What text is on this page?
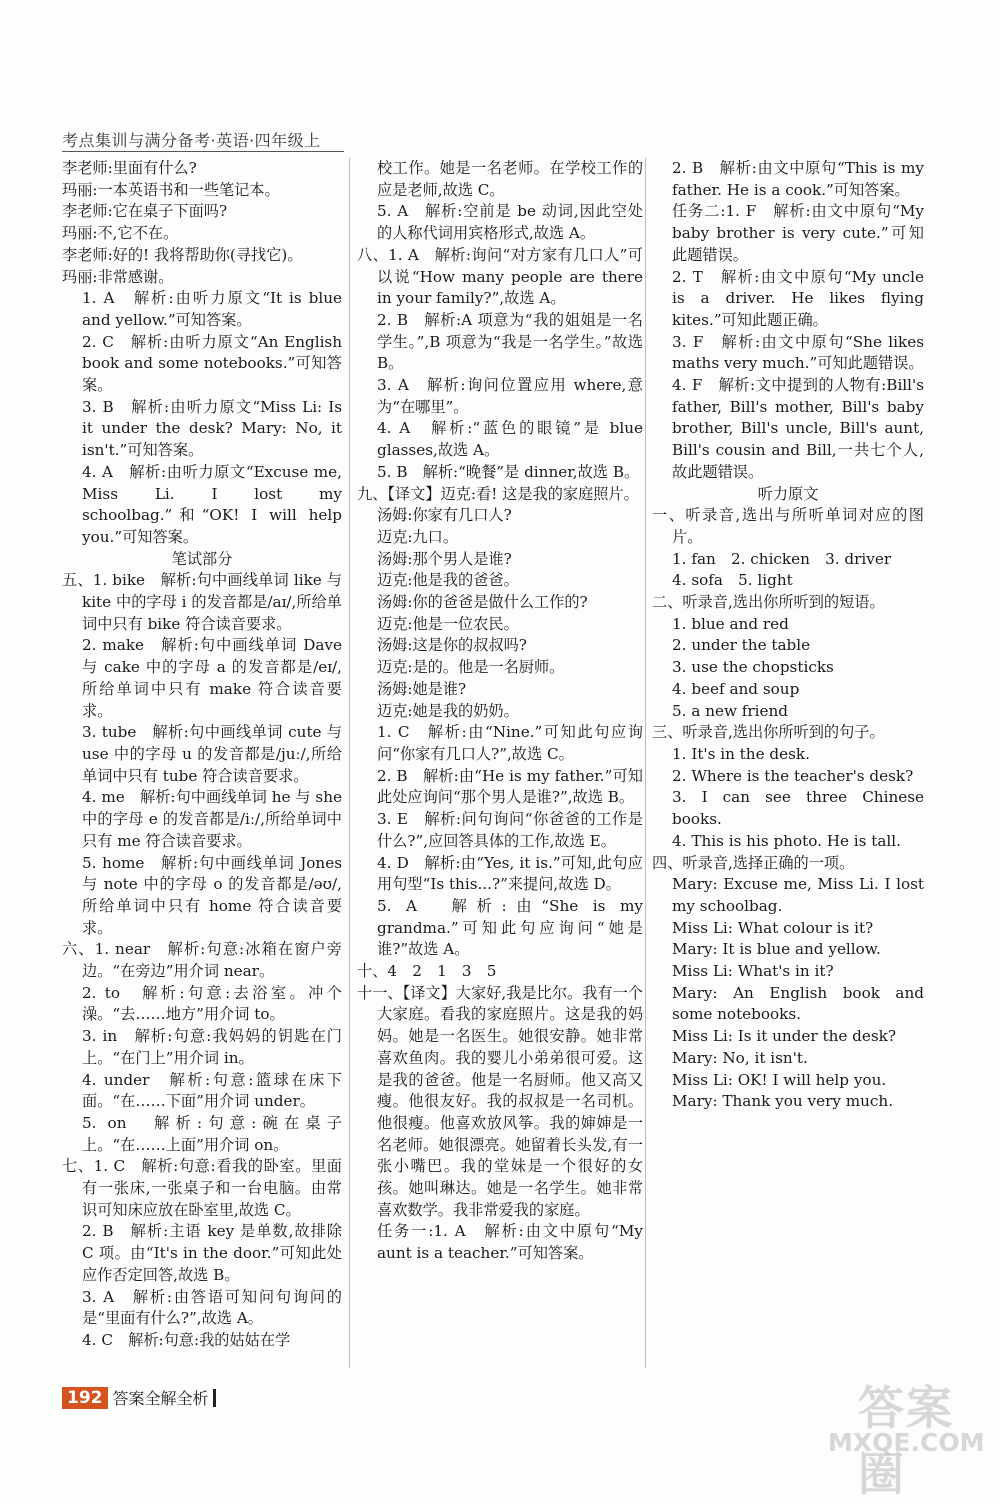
考点集训与满分备考·英语·四年级上

李老师:里面有什么?

玛丽:一本英语书和一些笔记本。

李老师:它在桌子下面吗?

玛丽:不,它不在。

李老师:好的! 我将帮助你(寻找它)。

玛丽:非常感谢。

1. A　解析:由听力原文“It is blue and yellow.”可知答案。

2. C　解析:由听力原文“An English book and some notebooks.”可知答案。

3. B　解析:由听力原文“Miss Li: Is it under the desk? Mary: No, it isn't.”可知答案。

4. A　解析:由听力原文“Excuse me, Miss Li. I lost my schoolbag.”和“OK! I will help you.”可知答案。

笔试部分

五、1. bike　解析:句中画线单词 like 与 kite 中的字母 i 的发音都是/aɪ/,所给单词中只有 bike 符合读音要求。

2. make　解析:句中画线单词 Dave 与 cake 中的字母 a 的发音都是/eɪ/,所给单词中只有 make 符合读音要求。

3. tube　解析:句中画线单词 cute 与 use 中的字母 u 的发音都是/juː/,所给单词中只有 tube 符合读音要求。

4. me　解析:句中画线单词 he 与 she 中的字母 e 的发音都是/iː/,所给单词中只有 me 符合读音要求。

5. home　解析:句中画线单词 Jones 与 note 中的字母 o 的发音都是/əʊ/,所给单词中只有 home 符合读音要求。

六、1. near　解析:句意:冰箱在窗户旁边。“在旁边”用介词 near。

2. to　解析:句意:去浴室。冲个澡。“去……地方”用介词 to。

3. in　解析:句意:我妈妈的钥匙在门上。“在门上”用介词 in。

4. under　解析:句意:篮球在床下面。“在……下面”用介词 under。

5. on　解析:句意:碗在桌子上。“在……上面”用介词 on。

七、1. C　解析:句意:看我的卧室。里面有一张床,一张桌子和一台电脑。由常识可知床应放在卧室里,故选 C。

2. B　解析:主语 key 是单数,故排除 C 项。由“It's in the door.”可知此处应作否定回答,故选 B。

3. A　解析:由答语可知问句询问的是“里面有什么?”,故选 A。

4. C　解析:句意:我的姑姑在学

校工作。她是一名老师。在学校工作的应是老师,故选 C。

5. A　解析:空前是 be 动词,因此空处的人称代词用宾格形式,故选 A。

八、1. A　解析:询问“对方家有几口人”可以说“How many people are there in your family?”,故选 A。

2. B　解析:A 项意为“我的姐姐是一名学生。”,B 项意为“我是一名学生。”故选 B。

3. A　解析:询问位置应用 where,意为“在哪里”。

4. A　解析:“蓝色的眼镜”是 blue glasses,故选 A。

5. B　解析:“晚餐”是 dinner,故选 B。

九、【译文】迈克:看! 这是我的家庭照片。

汤姆:你家有几口人?

迈克:九口。

汤姆:那个男人是谁?

迈克:他是我的爸爸。

汤姆:你的爸爸是做什么工作的?

迈克:他是一位农民。

汤姆:这是你的叔叔吗?

迈克:是的。他是一名厨师。

汤姆:她是谁?

迈克:她是我的奶奶。

1. C　解析:由“Nine.”可知此句应询问“你家有几口人?”,故选 C。

2. B　解析:由“He is my father.”可知此处应询问“那个男人是谁?”,故选 B。

3. E　解析:问句询问“你爸爸的工作是什么?”,应回答具体的工作,故选 E。

4. D　解析:由“Yes, it is.”可知,此句应用句型“Is this...?”来提问,故选 D。

5. A　解析:由“She is my grandma.”可知此句应询问“她是谁?”故选 A。

十、4　2　1　3　5

十一、【译文】大家好,我是比尔。我有一个大家庭。看我的家庭照片。这是我的妈妈。她是一名医生。她很安静。她非常喜欢鱼肉。我的婴儿小弟弟很可爱。这是我的爸爸。他是一名厨师。他又高又瘦。他很友好。我的叔叔是一名司机。他很瘦。他喜欢放风筝。我的婶婶是一名老师。她很漂亮。她留着长头发,有一张小嘴巴。我的堂妹是一个很好的女孩。她叫琳达。她是一名学生。她非常喜欢数学。我非常爱我的家庭。

任务一:1. A　解析:由文中原句“My aunt is a teacher.”可知答案。

2. B　解析:由文中原句“This is my father. He is a cook.”可知答案。

任务二:1. F　解析:由文中原句“My baby brother is very cute.”可知此题错误。

2. T　解析:由文中原句“My uncle is a driver. He likes flying kites.”可知此题正确。

3. F　解析:由文中原句“She likes maths very much.”可知此题错误。

4. F　解析:文中提到的人物有:Bill's father, Bill's mother, Bill's baby brother, Bill's uncle, Bill's aunt, Bill's cousin and Bill,一共七个人,故此题错误。

听力原文

一、听录音,选出与所听单词对应的图片。

1. fan　2. chicken　3. driver

4. sofa　5. light

二、听录音,选出你所听到的短语。

1. blue and red

2. under the table

3. use the chopsticks

4. beef and soup

5. a new friend

三、听录音,选出你所听到的句子。

1. It's in the desk.

2. Where is the teacher's desk?

3. I can see three Chinese books.

4. This is his photo. He is tall.

四、听录音,选择正确的一项。

Mary: Excuse me, Miss Li. I lost my schoolbag.

Miss Li: What colour is it?

Mary: It is blue and yellow.

Miss Li: What's in it?

Mary: An English book and some notebooks.

Miss Li: Is it under the desk?

Mary: No, it isn't.

Miss Li: OK! I will help you.

Mary: Thank you very much.

192 答案全解全析	答案圈
MXQE.COM
